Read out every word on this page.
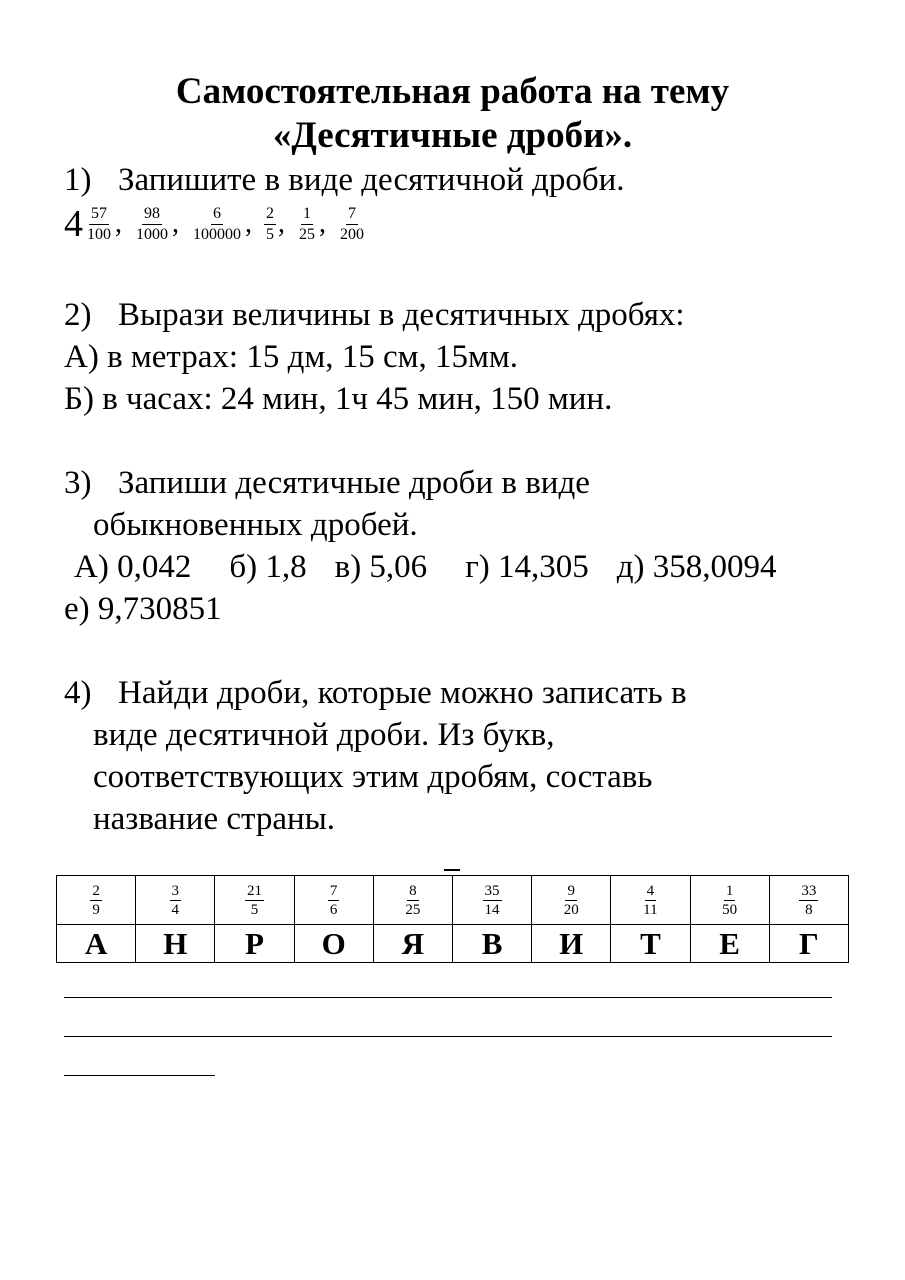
Самостоятельная работа на тему
«Десятичные дроби».

1) Запишите в виде десятичной дроби.

$4 \frac{57}{100}$ , $\frac{98}{1000}$ , $\frac{6}{100000}$ , $\frac{2}{5}$ , $\frac{1}{25}$ , $\frac{7}{200}$

2) Вырази величины в десятичных дробях:

А) в метрах: 15 дм, 15 см, 15мм.

Б) в часах: 24 мин, 1ч 45 мин, 150 мин.

3) Запиши десятичные дроби в виде

обыкновенных дробей.

А) 0,042 б) 1,8 в) 5,06 г) 14,305 д) 358,0094

е) 9,730851

4) Найди дроби, которые можно записать в

виде десятичной дроби. Из букв,

соответствующих этим дробям, составь

название страны.

$\frac{2}{9}$	$\frac{3}{4}$	$\frac{21}{5}$	$\frac{7}{6}$	$\frac{8}{25}$	$\frac{35}{14}$	$\frac{9}{20}$	$\frac{4}{11}$	$\frac{1}{50}$	$\frac{33}{8}$

А	Н	Р	О	Я	В	И	Т	Е	Г
